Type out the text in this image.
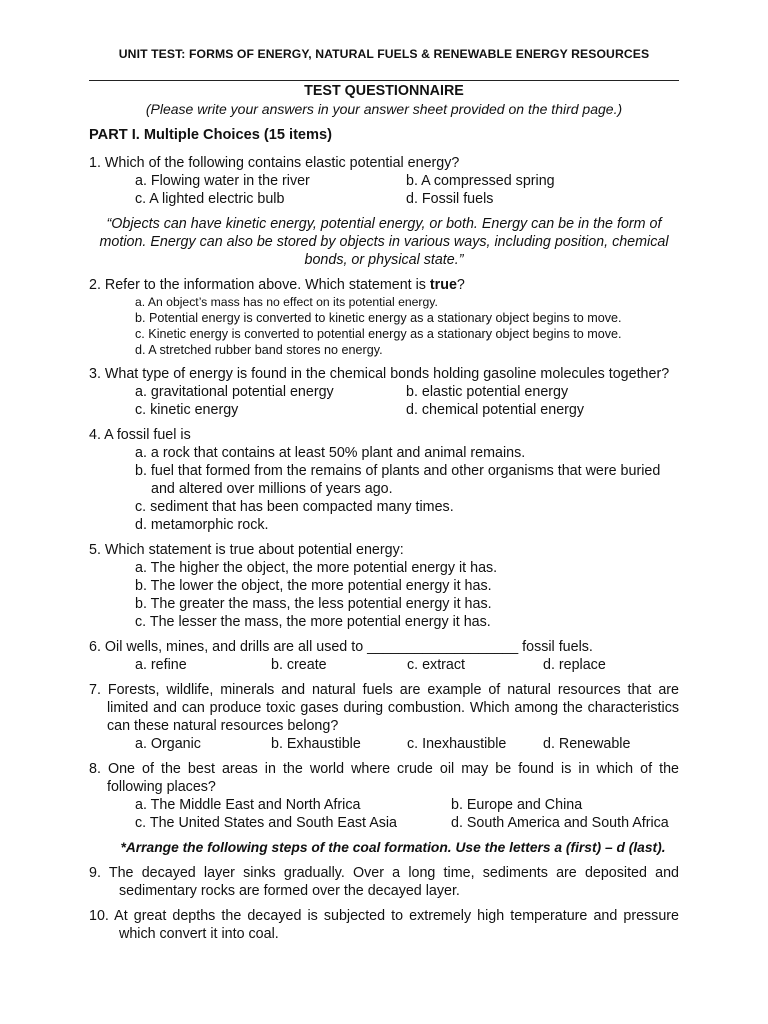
UNIT TEST: FORMS OF ENERGY, NATURAL FUELS & RENEWABLE ENERGY RESOURCES
TEST QUESTIONNAIRE
(Please write your answers in your answer sheet provided on the third page.)
PART I. Multiple Choices (15 items)
1. Which of the following contains elastic potential energy?
a. Flowing water in the river	b. A compressed spring
c. A lighted electric bulb	d. Fossil fuels
“Objects can have kinetic energy, potential energy, or both. Energy can be in the form of motion. Energy can also be stored by objects in various ways, including position, chemical bonds, or physical state.”
2. Refer to the information above. Which statement is true?
a. An object’s mass has no effect on its potential energy.
b. Potential energy is converted to kinetic energy as a stationary object begins to move.
c. Kinetic energy is converted to potential energy as a stationary object begins to move.
d. A stretched rubber band stores no energy.
3. What type of energy is found in the chemical bonds holding gasoline molecules together?
a. gravitational potential energy	b. elastic potential energy
c. kinetic energy	d. chemical potential energy
4. A fossil fuel is
a. a rock that contains at least 50% plant and animal remains.
b. fuel that formed from the remains of plants and other organisms that were buried and altered over millions of years ago.
c. sediment that has been compacted many times.
d. metamorphic rock.
5. Which statement is true about potential energy:
a. The higher the object, the more potential energy it has.
b. The lower the object, the more potential energy it has.
b. The greater the mass, the less potential energy it has.
c. The lesser the mass, the more potential energy it has.
6. Oil wells, mines, and drills are all used to ___________________ fossil fuels.
a. refine	b. create	c. extract	d. replace
7. Forests, wildlife, minerals and natural fuels are example of natural resources that are limited and can produce toxic gases during combustion. Which among the characteristics can these natural resources belong?
a. Organic	b. Exhaustible	c. Inexhaustible	d. Renewable
8. One of the best areas in the world where crude oil may be found is in which of the following places?
a. The Middle East and North Africa	b. Europe and China
c. The United States and South East Asia	d. South America and South Africa
*Arrange the following steps of the coal formation. Use the letters a (first) – d (last).
9. The decayed layer sinks gradually. Over a long time, sediments are deposited and sedimentary rocks are formed over the decayed layer.
10. At great depths the decayed is subjected to extremely high temperature and pressure which convert it into coal.
